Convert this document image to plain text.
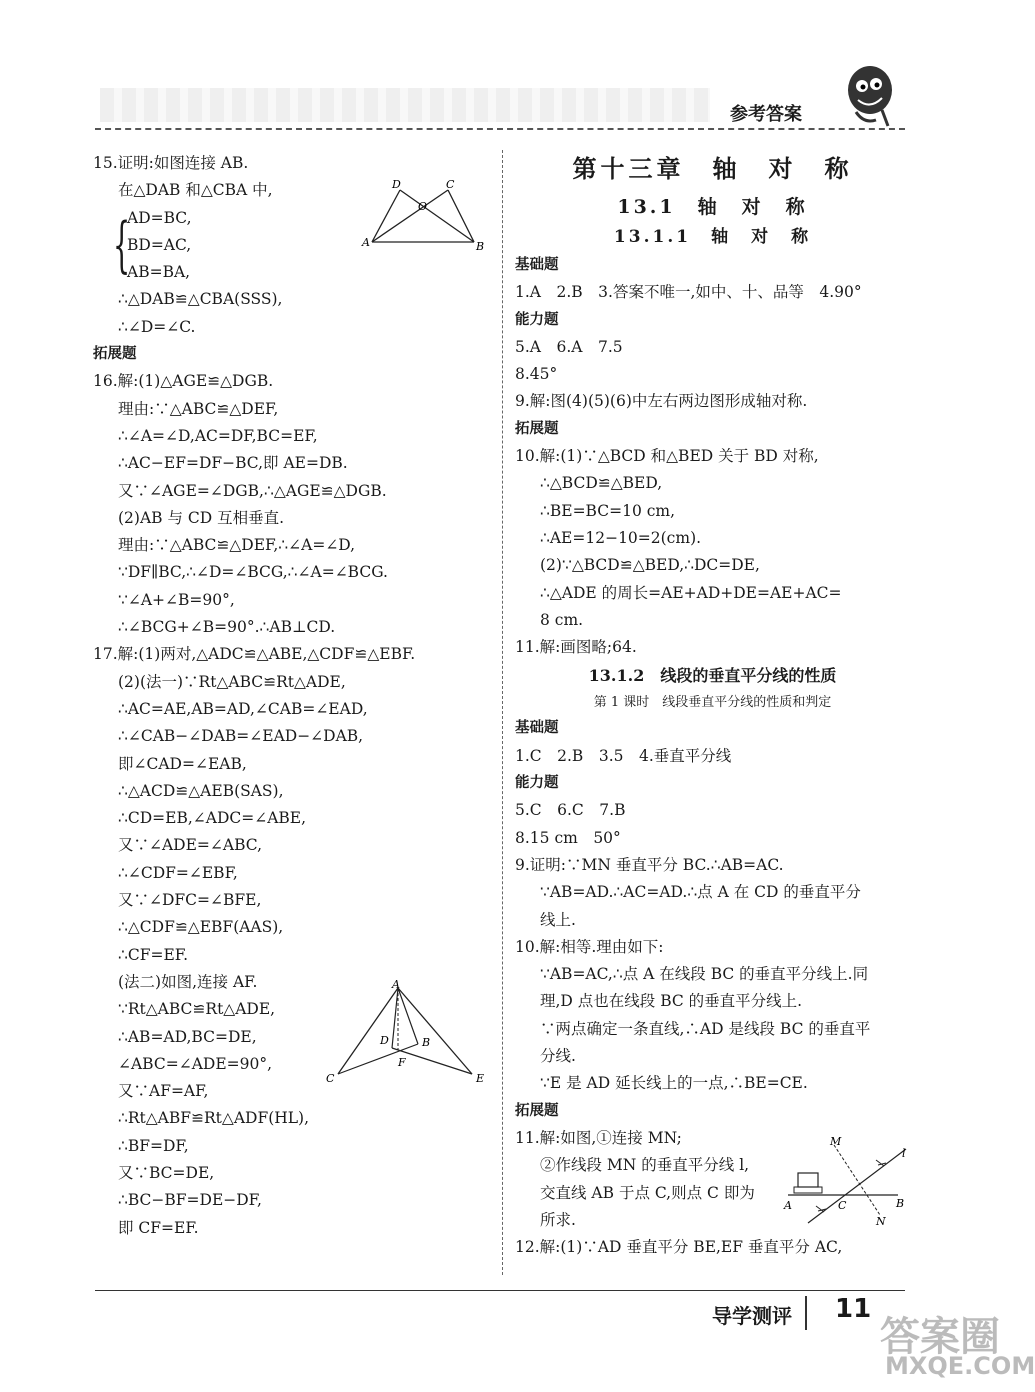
参考答案
15.证明:如图连接 AB.
在△DAB 和△CBA 中,
{
AD=BC,
BD=AC,
AB=BA,
∴△DAB≌△CBA(SSS),
∴∠D=∠C.
拓展题
16.解:(1)△AGE≌△DGB.
理由:∵△ABC≌△DEF,
∴∠A=∠D,AC=DF,BC=EF,
∴AC−EF=DF−BC,即 AE=DB.
又∵∠AGE=∠DGB,∴△AGE≌△DGB.
(2)AB 与 CD 互相垂直.
理由:∵△ABC≌△DEF,∴∠A=∠D,
∵DF∥BC,∴∠D=∠BCG,∴∠A=∠BCG.
∵∠A+∠B=90°,
∴∠BCG+∠B=90°.∴AB⊥CD.
17.解:(1)两对,△ADC≌△ABE,△CDF≌△EBF.
(2)(法一)∵Rt△ABC≌Rt△ADE,
∴AC=AE,AB=AD,∠CAB=∠EAD,
∴∠CAB−∠DAB=∠EAD−∠DAB,
即∠CAD=∠EAB,
∴△ACD≌△AEB(SAS),
∴CD=EB,∠ADC=∠ABE,
又∵∠ADE=∠ABC,
∴∠CDF=∠EBF,
又∵∠DFC=∠BFE,
∴△CDF≌△EBF(AAS),
∴CF=EF.
(法二)如图,连接 AF.
∵Rt△ABC≌Rt△ADE,
∴AB=AD,BC=DE,
∠ABC=∠ADE=90°,
又∵AF=AF,
∴Rt△ABF≌Rt△ADF(HL),
∴BF=DF,
又∵BC=DE,
∴BC−BF=DE−DF,
即 CF=EF.
第十三章　轴　对　称
13.1　轴　对　称
13.1.1　轴　对　称
基础题
1.A　2.B　3.答案不唯一,如中、十、品等　4.90°
能力题
5.A　6.A　7.5
8.45°
9.解:图(4)(5)(6)中左右两边图形成轴对称.
拓展题
10.解:(1)∵△BCD 和△BED 关于 BD 对称,
∴△BCD≌△BED,
∴BE=BC=10 cm,
∴AE=12−10=2(cm).
(2)∵△BCD≌△BED,∴DC=DE,
∴△ADE 的周长=AE+AD+DE=AE+AC=
8 cm.
11.解:画图略;64.
13.1.2　线段的垂直平分线的性质
第 1 课时　线段垂直平分线的性质和判定
基础题
1.C　2.B　3.5　4.垂直平分线
能力题
5.C　6.C　7.B
8.15 cm　50°
9.证明:∵MN 垂直平分 BC.∴AB=AC.
∵AB=AD.∴AC=AD.∴点 A 在 CD 的垂直平分
线上.
10.解:相等.理由如下:
∵AB=AC,∴点 A 在线段 BC 的垂直平分线上.同
理,D 点也在线段 BC 的垂直平分线上.
∵两点确定一条直线,∴AD 是线段 BC 的垂直平
分线.
∵E 是 AD 延长线上的一点,∴BE=CE.
拓展题
11.解:如图,①连接 MN;
②作线段 MN 的垂直平分线 l,
交直线 AB 于点 C,则点 C 即为
所求.
12.解:(1)∵AD 垂直平分 BE,EF 垂直平分 AC,
A	B
C
D
O
A
B
C
D
E
F
M
N
A	B
C
l
导学测评 11
答案圈
MXQE.COM
